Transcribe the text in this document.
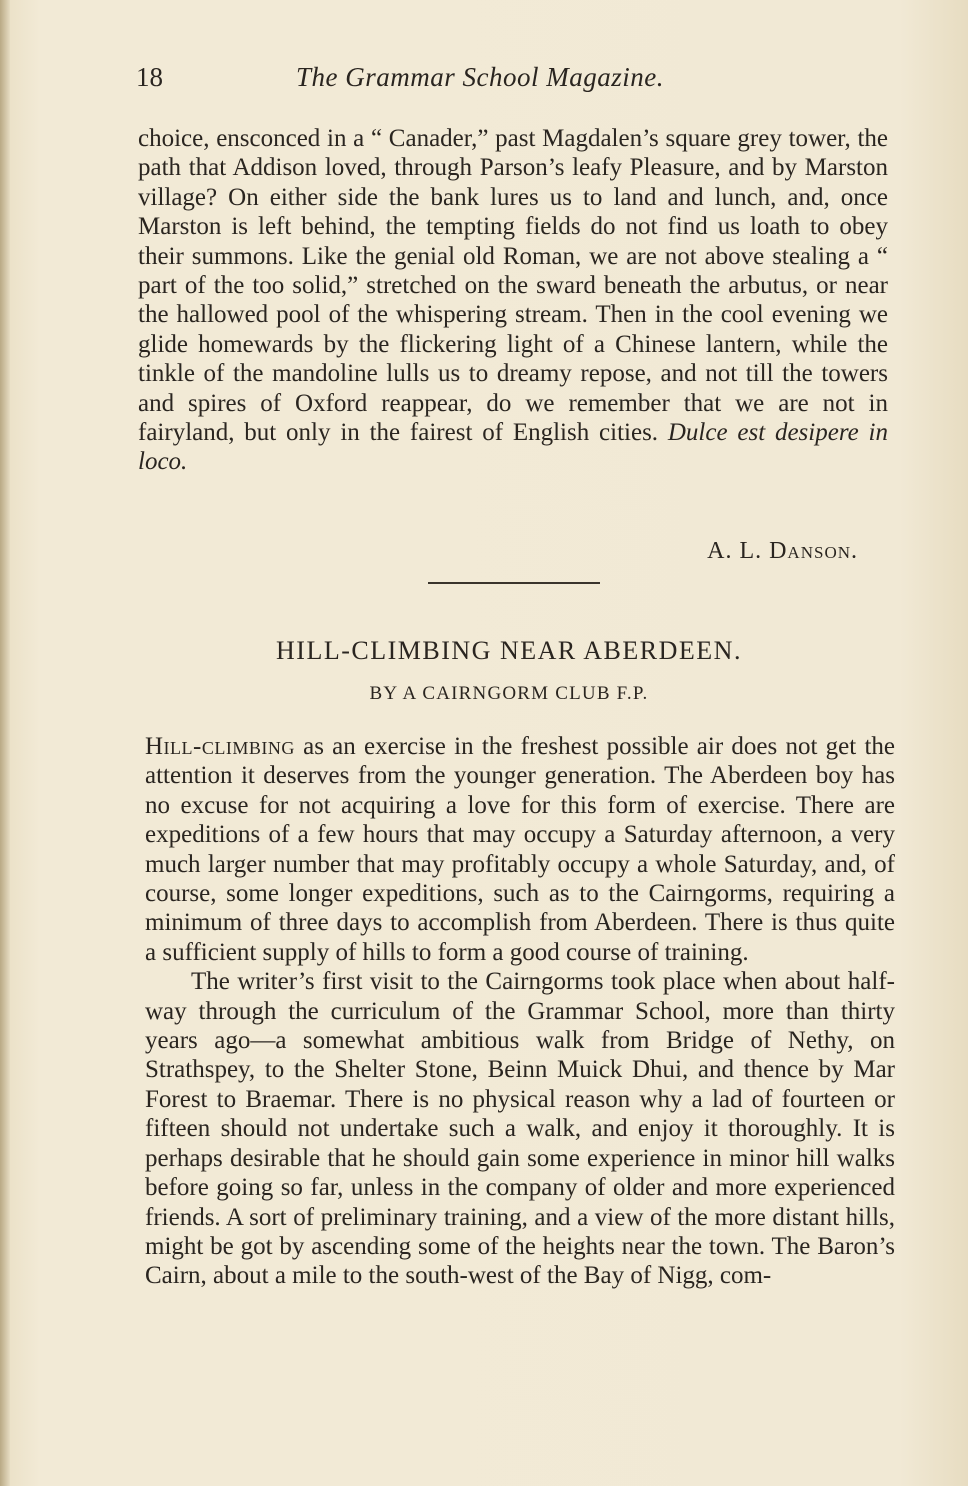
18	The Grammar School Magazine.

choice, ensconced in a “ Canader,” past Magdalen’s square grey tower, the path that Addison loved, through Parson’s leafy Pleasure, and by Marston village? On either side the bank lures us to land and lunch, and, once Marston is left behind, the tempting fields do not find us loath to obey their summons. Like the genial old Roman, we are not above stealing a “ part of the too solid,” stretched on the sward beneath the arbutus, or near the hallowed pool of the whispering stream. Then in the cool evening we glide homewards by the flickering light of a Chinese lantern, while the tinkle of the mandoline lulls us to dreamy repose, and not till the towers and spires of Oxford reappear, do we remember that we are not in fairyland, but only in the fairest of English cities. Dulce est desipere in loco.

A. L. Danson.
HILL-CLIMBING NEAR ABERDEEN.
BY A CAIRNGORM CLUB F.P.

Hill-climbing as an exercise in the freshest possible air does not get the attention it deserves from the younger generation. The Aberdeen boy has no excuse for not acquiring a love for this form of exercise. There are expeditions of a few hours that may occupy a Saturday afternoon, a very much larger number that may profitably occupy a whole Saturday, and, of course, some longer expeditions, such as to the Cairngorms, requiring a minimum of three days to accomplish from Aberdeen. There is thus quite a sufficient supply of hills to form a good course of training.

The writer’s first visit to the Cairngorms took place when about half-way through the curriculum of the Grammar School, more than thirty years ago—a somewhat ambitious walk from Bridge of Nethy, on Strathspey, to the Shelter Stone, Beinn Muick Dhui, and thence by Mar Forest to Braemar. There is no physical reason why a lad of fourteen or fifteen should not undertake such a walk, and enjoy it thoroughly. It is perhaps desirable that he should gain some experience in minor hill walks before going so far, unless in the company of older and more experienced friends. A sort of preliminary training, and a view of the more distant hills, might be got by ascending some of the heights near the town. The Baron’s Cairn, about a mile to the south-west of the Bay of Nigg, com-
